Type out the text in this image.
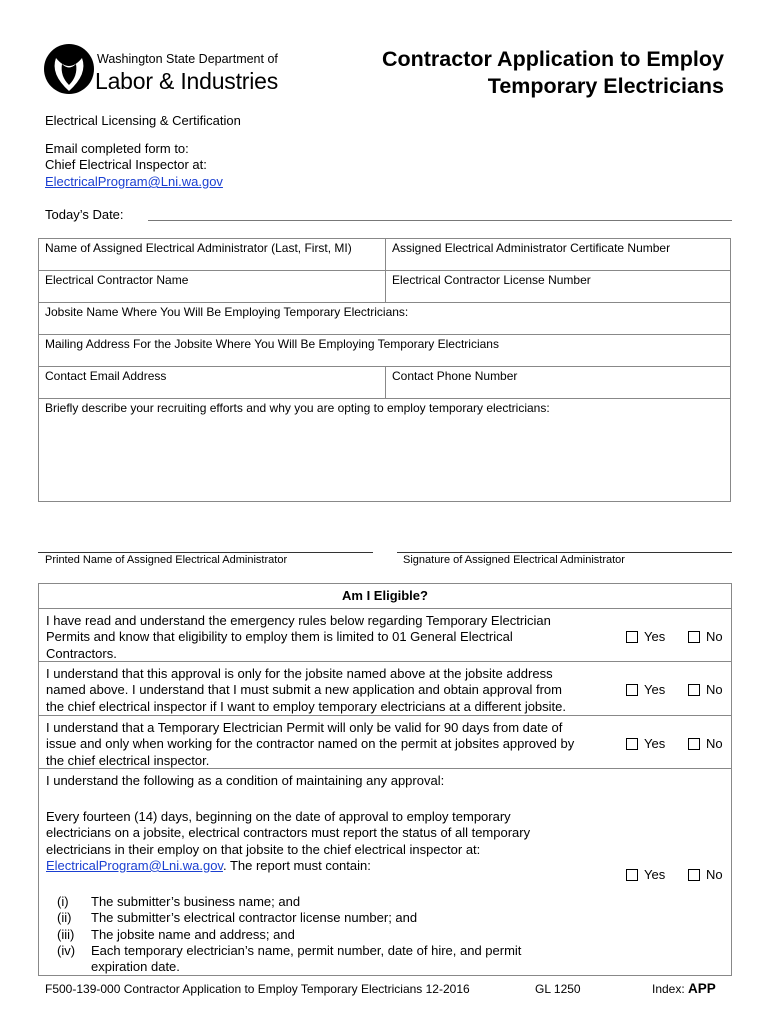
Washington State Department of
Labor & Industries
Contractor Application to Employ
Temporary Electricians
Electrical Licensing & Certification
Email completed form to:
Chief Electrical Inspector at:
ElectricalProgram@Lni.wa.gov
Today’s Date:
Name of Assigned Electrical Administrator (Last, First, MI)	Assigned Electrical Administrator Certificate Number
Electrical Contractor Name	Electrical Contractor License Number
Jobsite Name Where You Will Be Employing Temporary Electricians:
Mailing Address For the Jobsite Where You Will Be Employing Temporary Electricians
Contact Email Address	Contact Phone Number
Briefly describe your recruiting efforts and why you are opting to employ temporary electricians:
Printed Name of Assigned Electrical Administrator	Signature of Assigned Electrical Administrator
Am I Eligible?
I have read and understand the emergency rules below regarding Temporary Electrician
Permits and know that eligibility to employ them is limited to 01 General Electrical
Contractors.
Yes	No
I understand that this approval is only for the jobsite named above at the jobsite address
named above. I understand that I must submit a new application and obtain approval from
the chief electrical inspector if I want to employ temporary electricians at a different jobsite.
Yes	No
I understand that a Temporary Electrician Permit will only be valid for 90 days from date of
issue and only when working for the contractor named on the permit at jobsites approved by
the chief electrical inspector.
Yes	No
I understand the following as a condition of maintaining any approval:
Every fourteen (14) days, beginning on the date of approval to employ temporary
electricians on a jobsite, electrical contractors must report the status of all temporary
electricians in their employ on that jobsite to the chief electrical inspector at:
ElectricalProgram@Lni.wa.gov. The report must contain:
Yes	No
(i) The submitter’s business name; and
(ii) The submitter’s electrical contractor license number; and
(iii) The jobsite name and address; and
(iv) Each temporary electrician’s name, permit number, date of hire, and permit
expiration date.
F500-139-000 Contractor Application to Employ Temporary Electricians 12-2016	GL 1250	Index: APP
